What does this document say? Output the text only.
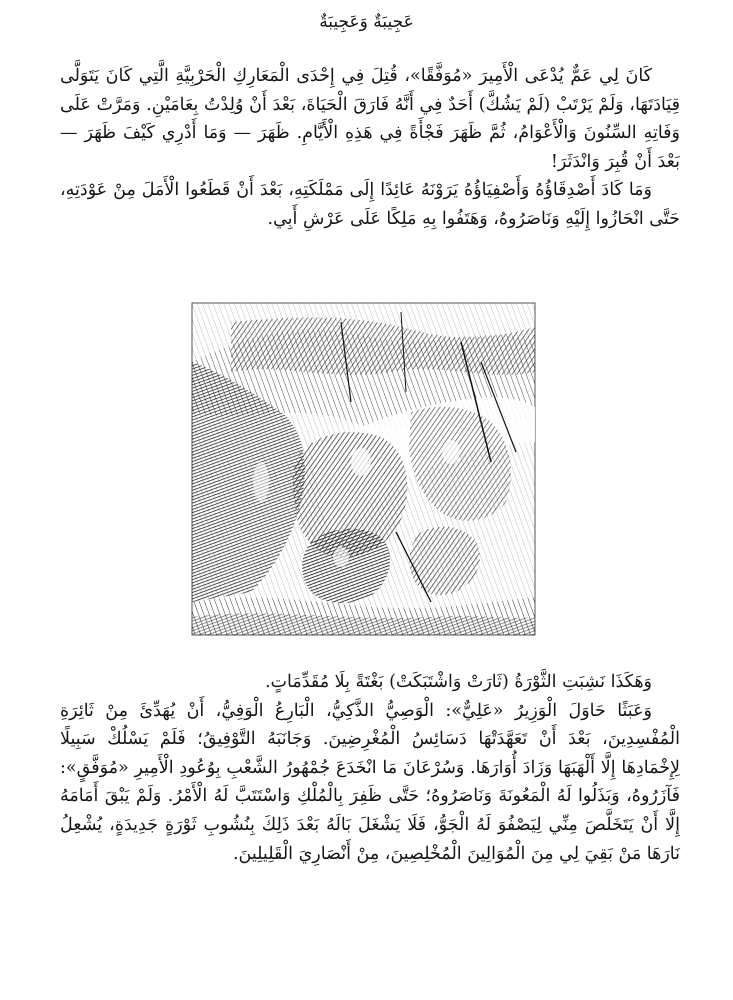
عَجِيبَةٌ وَعَجِيبَةٌ

كَانَ لِي عَمٌّ يُدْعَى الْأَمِيرَ «مُوَفَّقًا»، قُتِلَ فِي إِحْدَى الْمَعَارِكِ الْحَرْبِيَّةِ الَّتِي كَانَ يَتَوَلَّى قِيَادَتَهَا، وَلَمْ يَرْتَبْ (لَمْ يَشُكَّ) أَحَدٌ فِي أَنَّهُ فَارَقَ الْحَيَاةَ، بَعْدَ أَنْ وُلِدْتُ بِعَامَيْنِ. وَمَرَّتْ عَلَى وَفَاتِهِ السِّنُونَ وَالْأَعْوَامُ، ثُمَّ ظَهَرَ فَجْأَةً فِي هَذِهِ الْأَيَّامِ. ظَهَرَ — وَمَا أَدْرِي كَيْفَ ظَهَرَ — بَعْدَ أَنْ قُبِرَ وَانْدَثَرَ!

وَمَا كَادَ أَصْدِقَاؤُهُ وَأَصْفِيَاؤُهُ يَرَوْنَهُ عَائِدًا إِلَى مَمْلَكَتِهِ، بَعْدَ أَنْ قَطَعُوا الْأَمَلَ مِنْ عَوْدَتِهِ، حَتَّى انْحَازُوا إِلَيْهِ وَنَاصَرُوهُ، وَهَتَفُوا بِهِ مَلِكًا عَلَى عَرْشِ أَبِي.

وَهَكَذَا نَشِبَتِ الثَّوْرَةُ (ثَارَتْ وَاشْتَبَكَتْ) بَغْتَةً بِلَا مُقَدِّمَاتٍ.

وَعَبَثًا حَاوَلَ الْوَزِيرُ «عَلِيٌّ»: الْوَصِيُّ الذَّكِيُّ، الْبَارِعُ الْوَفِيُّ، أَنْ يُهَدِّئَ مِنْ ثَائِرَةِ الْمُفْسِدِينَ، بَعْدَ أَنْ تَعَهَّدَتْهَا دَسَائِسُ الْمُغْرِضِينَ. وَجَانَبَهُ التَّوْفِيقُ؛ فَلَمْ يَسْلُكْ سَبِيلًا لِإِخْمَادِهَا إِلَّا أَلْهَبَهَا وَزَادَ أُوَارَهَا. وَسُرْعَانَ مَا انْخَدَعَ جُمْهُورُ الشَّعْبِ بِوُعُودِ الْأَمِيرِ «مُوَفَّقٍ»: فَآزَرُوهُ، وَبَذَلُوا لَهُ الْمَعُونَةَ وَنَاصَرُوهُ؛ حَتَّى ظَفِرَ بِالْمُلْكِ وَاسْتَتَبَّ لَهُ الْأَمْرُ. وَلَمْ يَبْقَ أَمَامَهُ إِلَّا أَنْ يَتَخَلَّصَ مِنِّي لِيَصْفُوَ لَهُ الْجَوُّ، فَلَا يَشْغَلَ بَالَهُ بَعْدَ ذَلِكَ بِنُشُوبِ ثَوْرَةٍ جَدِيدَةٍ، يُشْعِلُ نَارَهَا مَنْ بَقِيَ لِي مِنَ الْمُوَالِينَ الْمُخْلِصِينَ، مِنْ أَنْصَارِيَ الْقَلِيلِينَ.
